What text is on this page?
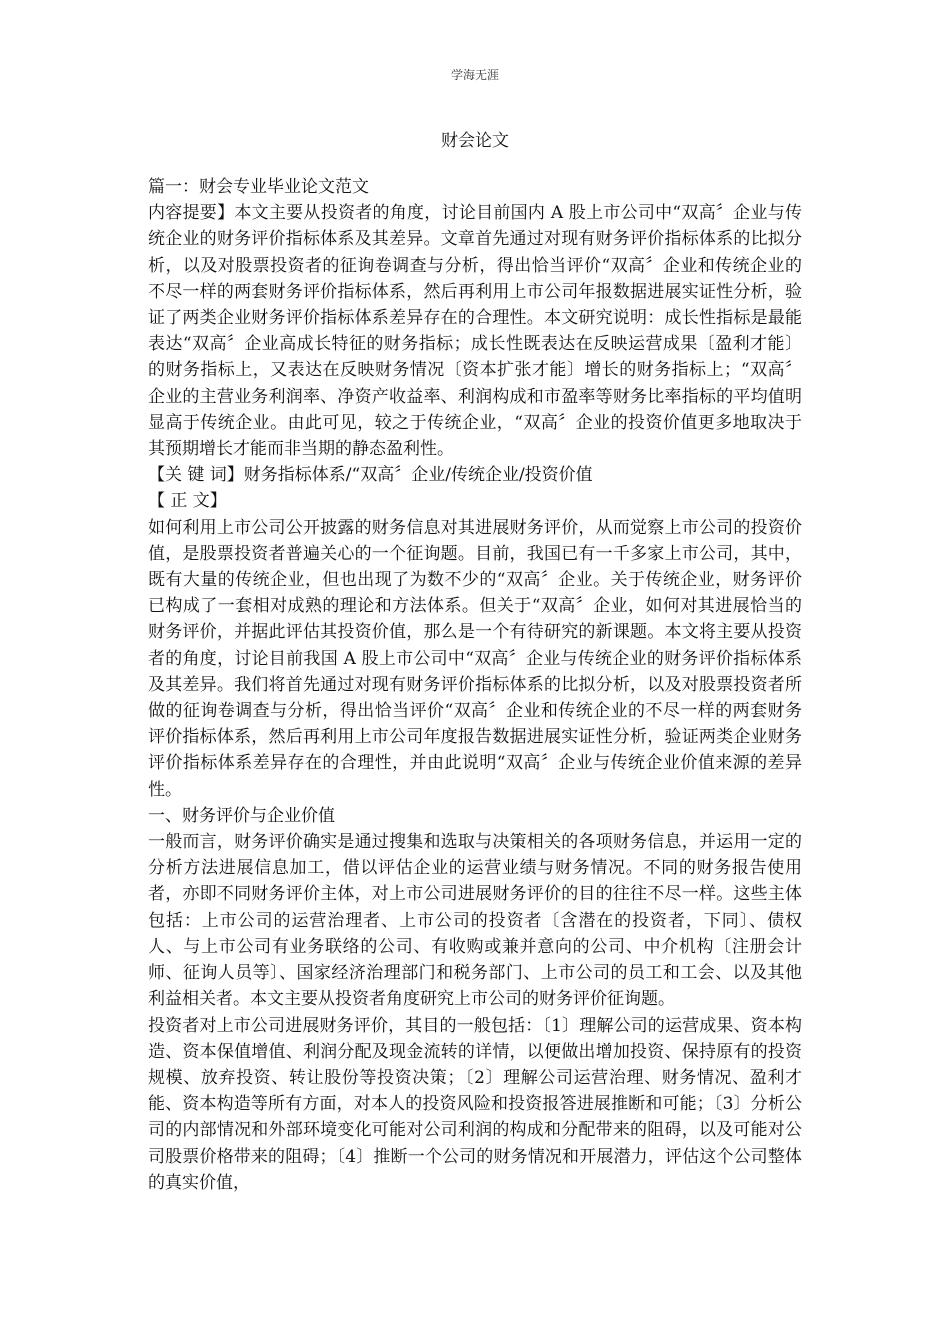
学海无涯
财会论文

篇一：财会专业毕业论文范文

内容提要】本文主要从投资者的角度，讨论目前国内 A 股上市公司中“双高〞企业与传统企业的财务评价指标体系及其差异。文章首先通过对现有财务评价指标体系的比拟分析，以及对股票投资者的征询卷调查与分析，得出恰当评价“双高〞企业和传统企业的不尽一样的两套财务评价指标体系，然后再利用上市公司年报数据进展实证性分析，验证了两类企业财务评价指标体系差异存在的合理性。本文研究说明：成长性指标是最能表达“双高〞企业高成长特征的财务指标；成长性既表达在反映运营成果〔盈利才能〕的财务指标上，又表达在反映财务情况〔资本扩张才能〕增长的财务指标上；“双高〞企业的主营业务利润率、净资产收益率、利润构成和市盈率等财务比率指标的平均值明显高于传统企业。由此可见，较之于传统企业，“双高〞企业的投资价值更多地取决于其预期增长才能而非当期的静态盈利性。

【关 键 词】财务指标体系/“双高〞企业/传统企业/投资价值

【 正 文】

如何利用上市公司公开披露的财务信息对其进展财务评价，从而觉察上市公司的投资价值，是股票投资者普遍关心的一个征询题。目前，我国已有一千多家上市公司，其中，既有大量的传统企业，但也出现了为数不少的“双高〞企业。关于传统企业，财务评价已构成了一套相对成熟的理论和方法体系。但关于“双高〞企业，如何对其进展恰当的财务评价，并据此评估其投资价值，那么是一个有待研究的新课题。本文将主要从投资者的角度，讨论目前我国 A 股上市公司中“双高〞企业与传统企业的财务评价指标体系及其差异。我们将首先通过对现有财务评价指标体系的比拟分析，以及对股票投资者所做的征询卷调查与分析，得出恰当评价“双高〞企业和传统企业的不尽一样的两套财务评价指标体系，然后再利用上市公司年度报告数据进展实证性分析，验证两类企业财务评价指标体系差异存在的合理性，并由此说明“双高〞企业与传统企业价值来源的差异性。

一、财务评价与企业价值

一般而言，财务评价确实是通过搜集和选取与决策相关的各项财务信息，并运用一定的分析方法进展信息加工，借以评估企业的运营业绩与财务情况。不同的财务报告使用者，亦即不同财务评价主体，对上市公司进展财务评价的目的往往不尽一样。这些主体包括：上市公司的运营治理者、上市公司的投资者〔含潜在的投资者，下同〕、债权人、与上市公司有业务联络的公司、有收购或兼并意向的公司、中介机构〔注册会计师、征询人员等〕、国家经济治理部门和税务部门、上市公司的员工和工会、以及其他利益相关者。本文主要从投资者角度研究上市公司的财务评价征询题。

投资者对上市公司进展财务评价，其目的一般包括：〔1〕理解公司的运营成果、资本构造、资本保值增值、利润分配及现金流转的详情，以便做出增加投资、保持原有的投资规模、放弃投资、转让股份等投资决策；〔2〕理解公司运营治理、财务情况、盈利才能、资本构造等所有方面，对本人的投资风险和投资报答进展推断和可能；〔3〕分析公司的内部情况和外部环境变化可能对公司利润的构成和分配带来的阻碍，以及可能对公司股票价格带来的阻碍；〔4〕推断一个公司的财务情况和开展潜力，评估这个公司整体的真实价值，
